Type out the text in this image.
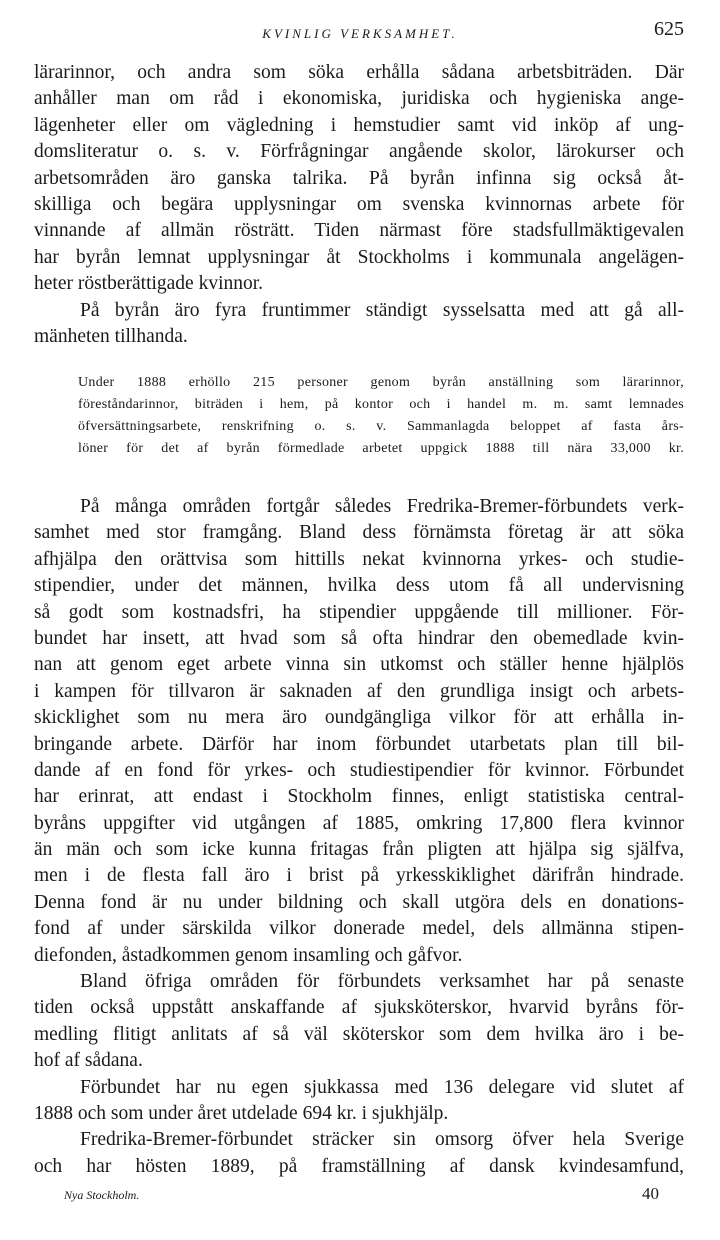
KVINLIG VERKSAMHET.	625
lärarinnor, och andra som söka erhålla sådana arbetsbiträden. Där
anhåller man om råd i ekonomiska, juridiska och hygieniska ange-
lägenheter eller om vägledning i hemstudier samt vid inköp af ung-
domsliteratur o. s. v. Förfrågningar angående skolor, lärokurser och
arbetsområden äro ganska talrika. På byrån infinna sig också åt-
skilliga och begära upplysningar om svenska kvinnornas arbete för
vinnande af allmän rösträtt. Tiden närmast före stadsfullmäktigevalen
har byrån lemnat upplysningar åt Stockholms i kommunala angelägen-
heter röstberättigade kvinnor.
På byrån äro fyra fruntimmer ständigt sysselsatta med att gå all-
mänheten tillhanda.
Under 1888 erhöllo 215 personer genom byrån anställning som lärarinnor,
föreståndarinnor, biträden i hem, på kontor och i handel m. m. samt lemnades
öfversättningsarbete, renskrifning o. s. v. Sammanlagda beloppet af fasta års-
löner för det af byrån förmedlade arbetet uppgick 1888 till nära 33,000 kr.
På många områden fortgår således Fredrika-Bremer-förbundets verk-
samhet med stor framgång. Bland dess förnämsta företag är att söka
afhjälpa den orättvisa som hittills nekat kvinnorna yrkes- och studie-
stipendier, under det männen, hvilka dess utom få all undervisning
så godt som kostnadsfri, ha stipendier uppgående till millioner. För-
bundet har insett, att hvad som så ofta hindrar den obemedlade kvin-
nan att genom eget arbete vinna sin utkomst och ställer henne hjälplös
i kampen för tillvaron är saknaden af den grundliga insigt och arbets-
skicklighet som nu mera äro oundgängliga vilkor för att erhålla in-
bringande arbete. Därför har inom förbundet utarbetats plan till bil-
dande af en fond för yrkes- och studiestipendier för kvinnor. Förbundet
har erinrat, att endast i Stockholm finnes, enligt statistiska central-
byråns uppgifter vid utgången af 1885, omkring 17,800 flera kvinnor
än män och som icke kunna fritagas från pligten att hjälpa sig själfva,
men i de flesta fall äro i brist på yrkesskiklighet därifrån hindrade.
Denna fond är nu under bildning och skall utgöra dels en donations-
fond af under särskilda vilkor donerade medel, dels allmänna stipen-
diefonden, åstadkommen genom insamling och gåfvor.
Bland öfriga områden för förbundets verksamhet har på senaste
tiden också uppstått anskaffande af sjuksköterskor, hvarvid byråns för-
medling flitigt anlitats af så väl sköterskor som dem hvilka äro i be-
hof af sådana.
Förbundet har nu egen sjukkassa med 136 delegare vid slutet af
1888 och som under året utdelade 694 kr. i sjukhjälp.
Fredrika-Bremer-förbundet sträcker sin omsorg öfver hela Sverige
och har hösten 1889, på framställning af dansk kvindesamfund,
Nya Stockholm.	40
